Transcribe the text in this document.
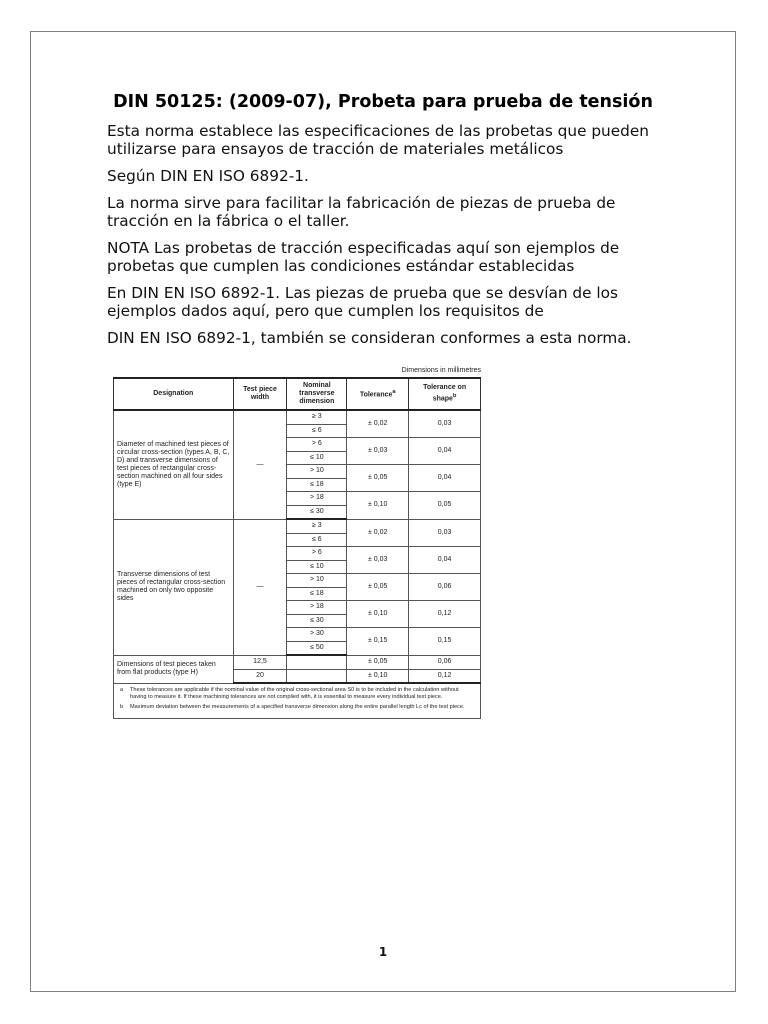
DIN 50125: (2009-07), Probeta para prueba de tensión

Esta norma establece las especificaciones de las probetas que pueden utilizarse para ensayos de tracción de materiales metálicos

Según DIN EN ISO 6892-1.

La norma sirve para facilitar la fabricación de piezas de prueba de tracción en la fábrica o el taller.

NOTA Las probetas de tracción especificadas aquí son ejemplos de probetas que cumplen las condiciones estándar establecidas

En DIN EN ISO 6892-1. Las piezas de prueba que se desvían de los ejemplos dados aquí, pero que cumplen los requisitos de

DIN EN ISO 6892-1, también se consideran conformes a esta norma.

Dimensions in millimetres
Designation	Test piece width	Nominal transverse dimension	Tolerance$^a$	Tolerance on shape$^b$
Diameter of machined test pieces of circular cross-section (types A, B, C, D) and transverse dimensions of test pieces of rectangular cross-section machined on all four sides (type E)	—	≥ 3	± 0,02	0,03
		≤ 6		
		> 6	± 0,03	0,04
		≤ 10		
		> 10	± 0,05	0,04
		≤ 18		
		> 18	± 0,10	0,05
		≤ 30		
Transverse dimensions of test pieces of rectangular cross-section machined on only two opposite sides	—	≥ 3	± 0,02	0,03
		≤ 6		
		> 6	± 0,03	0,04
		≤ 10		
		> 10	± 0,05	0,06
		≤ 18		
		> 18	± 0,10	0,12
		≤ 30		
		> 30	± 0,15	0,15
		≤ 50		
Dimensions of test pieces taken from flat products (type H)	12,5		± 0,05	0,06
	20		± 0,10	0,12
a	These tolerances are applicable if the nominal value of the original cross-sectional area S0 is to be included in the calculation without having to measure it. If these machining tolerances are not complied with, it is essential to measure every individual test piece.
b	Maximum deviation between the measurements of a specified transverse dimension along the entire parallel length Lc of the test piece.
1
